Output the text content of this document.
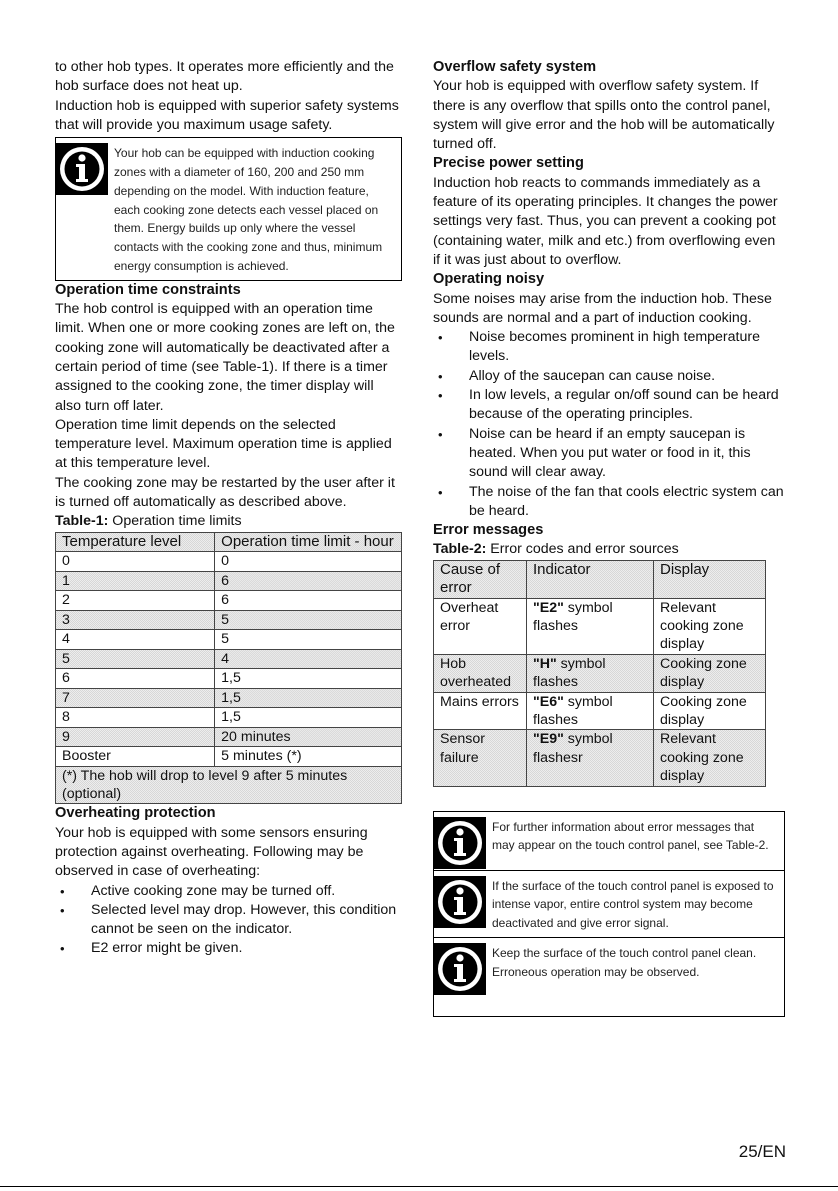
to other hob types. It operates more efficiently and the hob surface does not heat up.

Induction hob is equipped with superior safety systems that will provide you maximum usage safety.

Your hob can be equipped with induction cooking zones with a diameter of 160, 200 and 250 mm depending on the model. With induction feature, each cooking zone detects each vessel placed on them. Energy builds up only where the vessel contacts with the cooking zone and thus, minimum energy consumption is achieved.
Operation time constraints

The hob control is equipped with an operation time limit. When one or more cooking zones are left on, the cooking zone will automatically be deactivated after a certain period of time (see Table-1). If there is a timer assigned to the cooking zone, the timer display will also turn off later.

Operation time limit depends on the selected temperature level. Maximum operation time is applied at this temperature level.

The cooking zone may be restarted by the user after it is turned off automatically as described above.

Table-1: Operation time limits

Temperature level	Operation time limit - hour
0	0
1	6
2	6
3	5
4	5
5	4
6	1,5
7	1,5
8	1,5
9	20 minutes
Booster	5 minutes (*)
(*) The hob will drop to level 9 after 5 minutes (optional)	
Overheating protection

Your hob is equipped with some sensors ensuring protection against overheating. Following may be observed in case of overheating:

• Active cooking zone may be turned off.
• Selected level may drop. However, this condition cannot be seen on the indicator.
• E2 error might be given.
Overflow safety system

Your hob is equipped with overflow safety system. If there is any overflow that spills onto the control panel, system will give error and the hob will be automatically turned off.

Precise power setting

Induction hob reacts to commands immediately as a feature of its operating principles. It changes the power settings very fast. Thus, you can prevent a cooking pot (containing water, milk and etc.) from overflowing even if it was just about to overflow.

Operating noisy

Some noises may arise from the induction hob. These sounds are normal and a part of induction cooking.

• Noise becomes prominent in high temperature levels.
• Alloy of the saucepan can cause noise.
• In low levels, a regular on/off sound can be heard because of the operating principles.
• Noise can be heard if an empty saucepan is heated. When you put water or food in it, this sound will clear away.
• The noise of the fan that cools electric system can be heard.
Error messages

Table-2: Error codes and error sources

Cause of error	Indicator	Display
Overheat error	"E2" symbol flashes	Relevant cooking zone display
Hob overheated	"H" symbol flashes	Cooking zone display
Mains errors	"E6" symbol flashes	Cooking zone display
Sensor failure	"E9" symbol flashesr	Relevant cooking zone display
For further information about error messages that may appear on the touch control panel, see Table-2.
If the surface of the touch control panel is exposed to intense vapor, entire control system may become deactivated and give error signal.
Keep the surface of the touch control panel clean. Erroneous operation may be observed.
25/EN
